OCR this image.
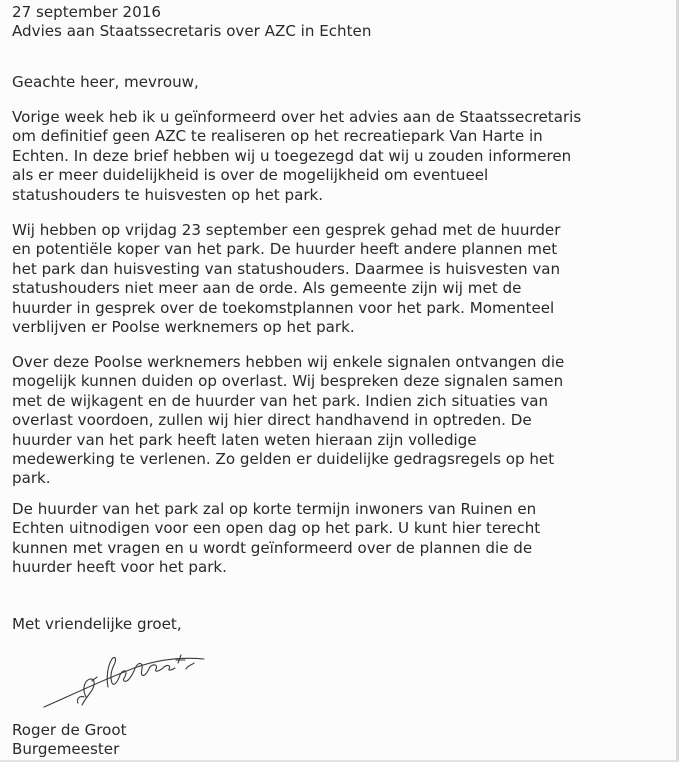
27 september 2016
Advies aan Staatssecretaris over AZC in Echten

Geachte heer, mevrouw,

Vorige week heb ik u geïnformeerd over het advies aan de Staatssecretaris
om definitief geen AZC te realiseren op het recreatiepark Van Harte in
Echten. In deze brief hebben wij u toegezegd dat wij u zouden informeren
als er meer duidelijkheid is over de mogelijkheid om eventueel
statushouders te huisvesten op het park.
Wij hebben op vrijdag 23 september een gesprek gehad met de huurder
en potentiële koper van het park. De huurder heeft andere plannen met
het park dan huisvesting van statushouders. Daarmee is huisvesten van
statushouders niet meer aan de orde. Als gemeente zijn wij met de
huurder in gesprek over de toekomstplannen voor het park. Momenteel
verblijven er Poolse werknemers op het park.
Over deze Poolse werknemers hebben wij enkele signalen ontvangen die
mogelijk kunnen duiden op overlast. Wij bespreken deze signalen samen
met de wijkagent en de huurder van het park. Indien zich situaties van
overlast voordoen, zullen wij hier direct handhavend in optreden. De
huurder van het park heeft laten weten hieraan zijn volledige
medewerking te verlenen. Zo gelden er duidelijke gedragsregels op het
park.
De huurder van het park zal op korte termijn inwoners van Ruinen en
Echten uitnodigen voor een open dag op het park. U kunt hier terecht
kunnen met vragen en u wordt geïnformeerd over de plannen die de
huurder heeft voor het park.

Met vriendelijke groet,

Roger de Groot

Burgemeester
